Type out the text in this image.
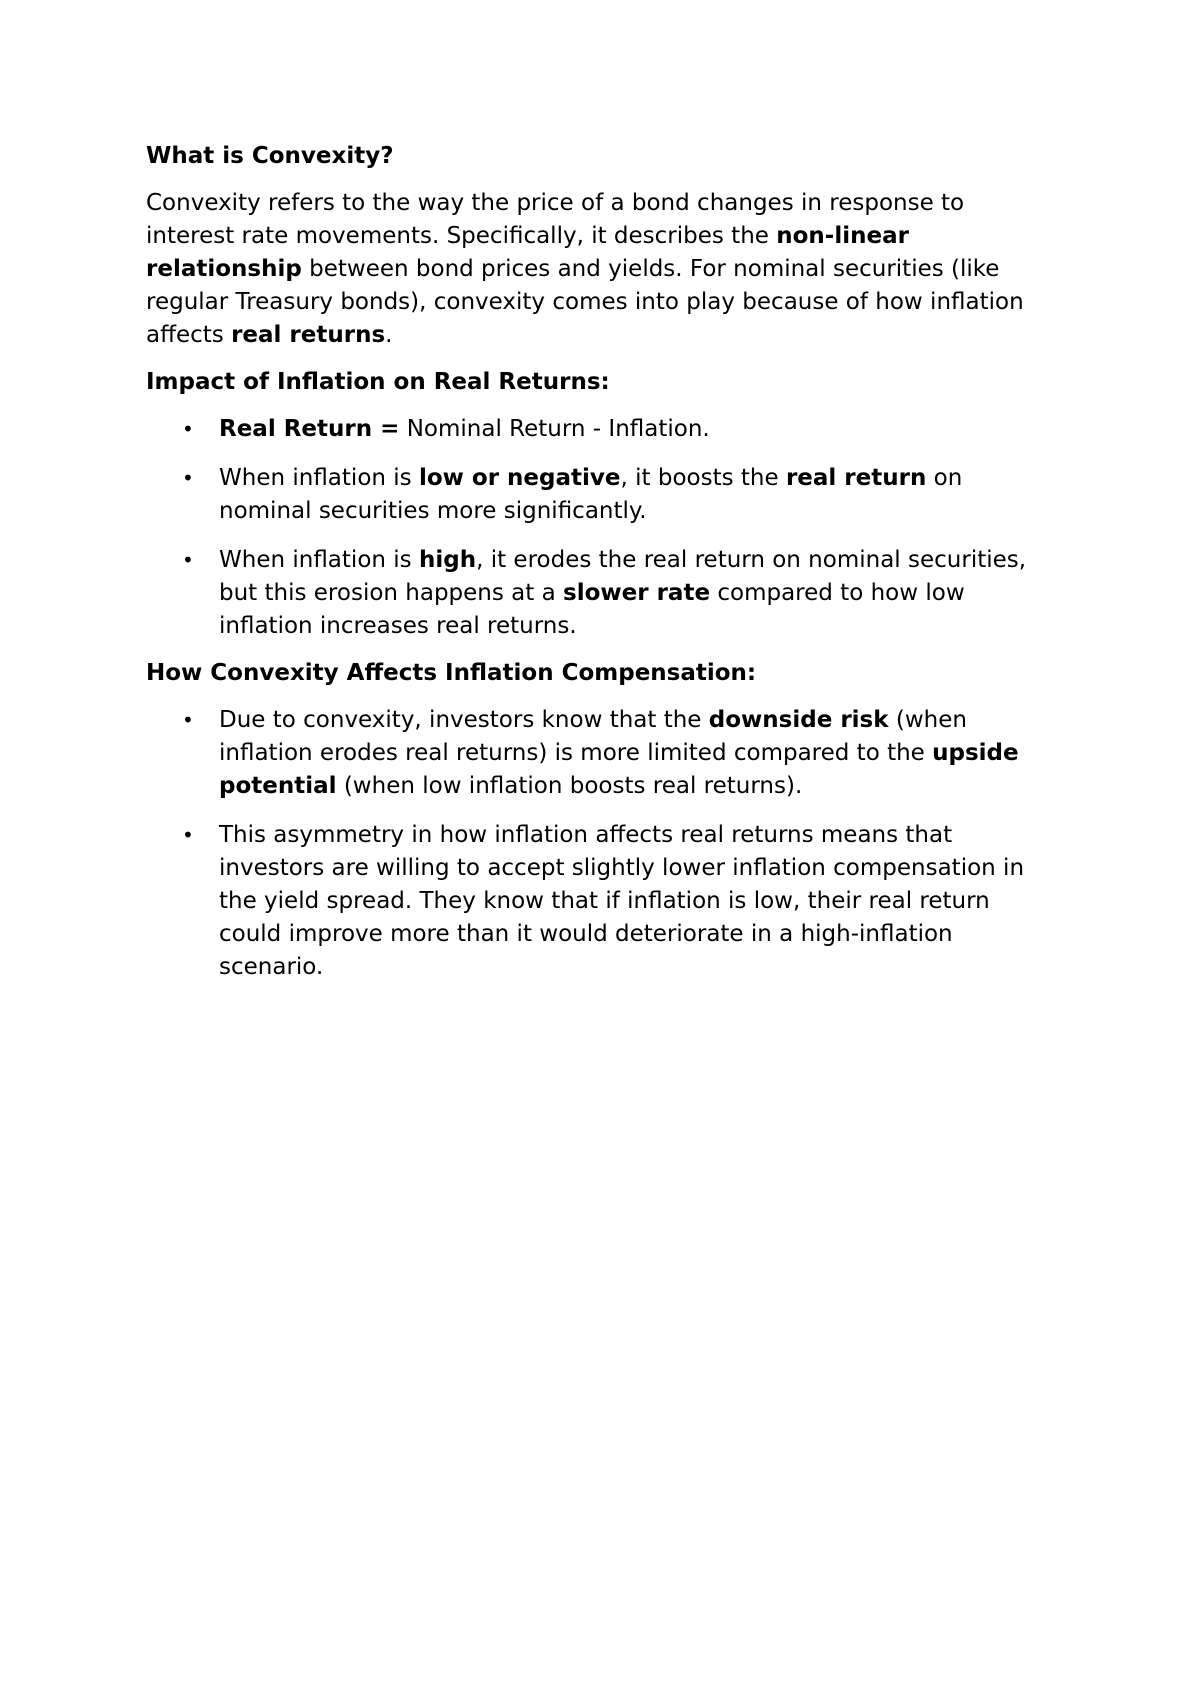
What is Convexity?

Convexity refers to the way the price of a bond changes in response to interest rate movements. Specifically, it describes the non-linear relationship between bond prices and yields. For nominal securities (like regular Treasury bonds), convexity comes into play because of how inflation affects real returns.

Impact of Inflation on Real Returns:

• Real Return = Nominal Return - Inflation.
• When inflation is low or negative, it boosts the real return on nominal securities more significantly.
• When inflation is high, it erodes the real return on nominal securities, but this erosion happens at a slower rate compared to how low inflation increases real returns.

How Convexity Affects Inflation Compensation:

• Due to convexity, investors know that the downside risk (when inflation erodes real returns) is more limited compared to the upside potential (when low inflation boosts real returns).
• This asymmetry in how inflation affects real returns means that investors are willing to accept slightly lower inflation compensation in the yield spread. They know that if inflation is low, their real return could improve more than it would deteriorate in a high-inflation scenario.
